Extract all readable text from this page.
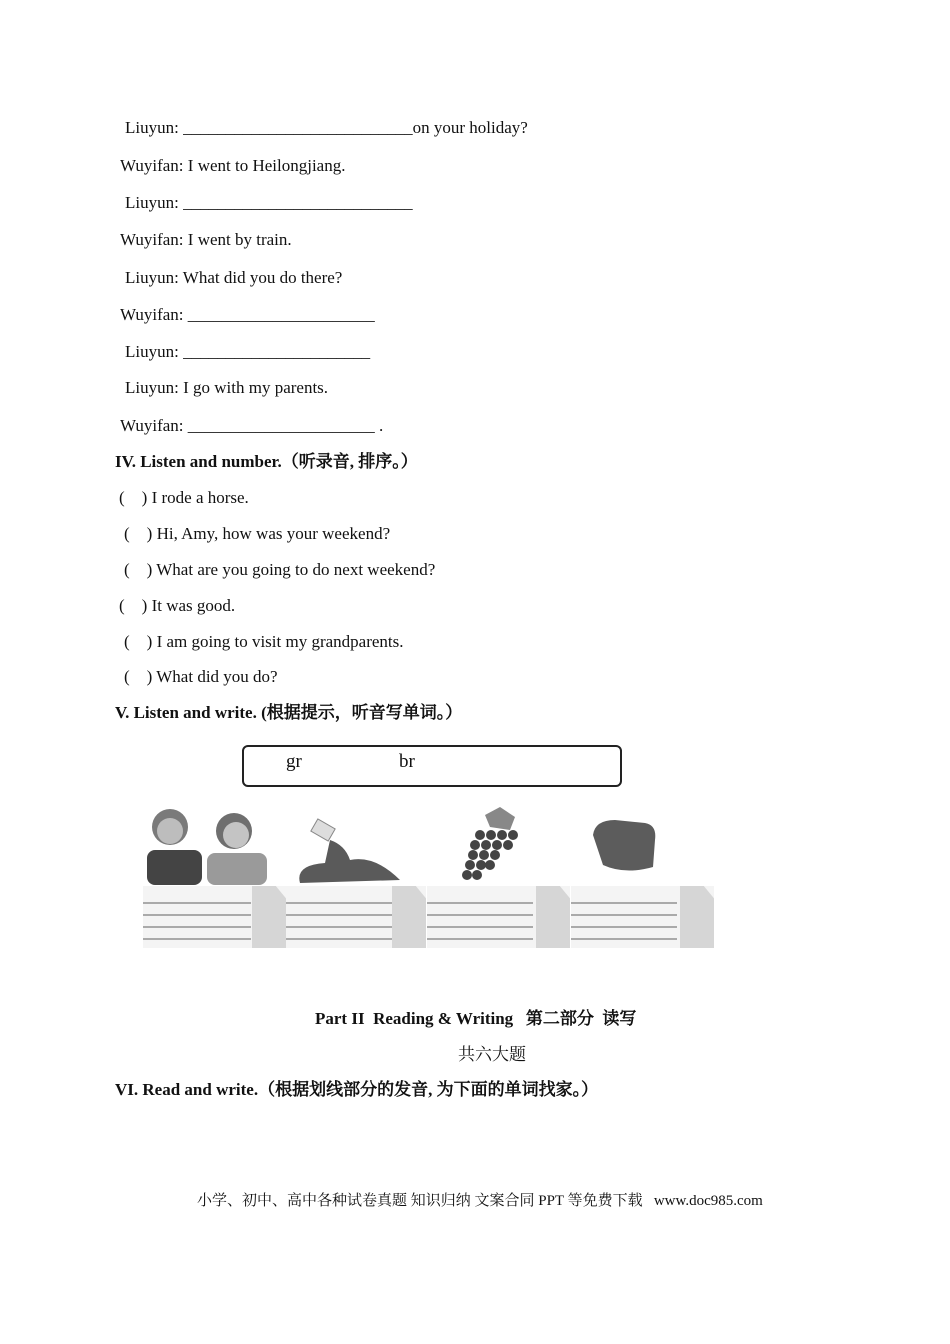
Liuyun: ___________________________on your holiday?
Wuyifan: I went to Heilongjiang.
Liuyun: ___________________________
Wuyifan: I went by train.
Liuyun: What did you do there?
Wuyifan: ______________________
Liuyun: ______________________
Liuyun: I go with my parents.
Wuyifan: ______________________ .
IV. Listen and number.（听录音, 排序。）
(    ) I rode a horse.
(    ) Hi, Amy, how was your weekend?
(    ) What are you going to do next weekend?
(    ) It was good.
(    ) I am going to visit my grandparents.
(    ) What did you do?
V. Listen and write. (根据提示，听音写单词。）
gr	br
Part II  Reading & Writing   第二部分  读写
共六大题
VI. Read and write.（根据划线部分的发音, 为下面的单词找家。）
小学、初中、高中各种试卷真题 知识归纳 文案合同 PPT 等免费下载   www.doc985.com
